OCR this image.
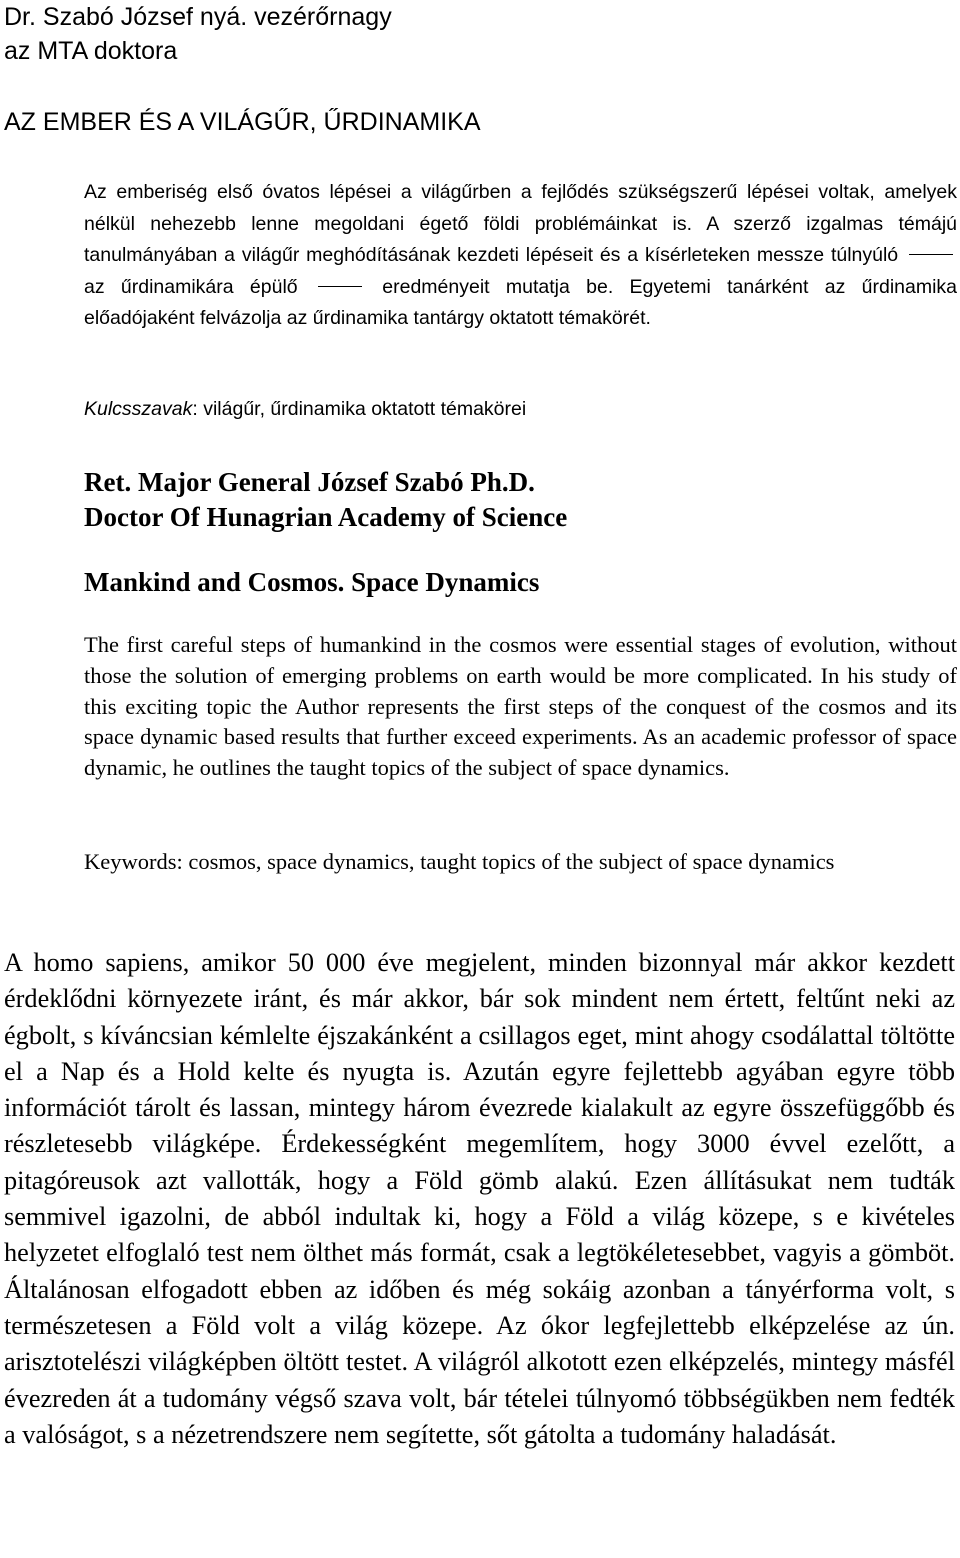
Dr. Szabó József nyá. vezérőrnagy
az MTA doktora
AZ EMBER ÉS A VILÁGŰR, ŰRDINAMIKA

Az emberiség első óvatos lépései a világűrben a fejlődés szükségszerű lépései voltak, amelyek nélkül nehezebb lenne megoldani égető földi problémáinkat is. A szerző izgalmas témájú tanulmányában a világűr meghódításának kezdeti lépéseit és a kísérleteken messze túlnyúló  az űrdinamikára épülő	eredményeit mutatja be. Egyetemi tanárként az űrdinamika előadójaként felvázolja az űrdinamika tantárgy oktatott témakörét.

Kulcsszavak: világűr, űrdinamika oktatott témakörei
Ret. Major General József Szabó Ph.D.
Doctor Of Hunagrian Academy of Science
Mankind and Cosmos. Space Dynamics

The first careful steps of humankind in the cosmos were essential stages of evolution, without those the solution of emerging problems on earth would be more complicated. In his study of this exciting topic the Author represents the first steps of the conquest of the cosmos and its space dynamic based results that further exceed experiments. As an academic professor of space dynamic, he outlines the taught topics of the subject of space dynamics.

Keywords: cosmos, space dynamics, taught topics of the subject of space dynamics

A homo sapiens, amikor 50 000 éve megjelent, minden bizonnyal már akkor kezdett érdeklődni környezete iránt, és már akkor, bár sok mindent nem értett, feltűnt neki az égbolt, s kíváncsian kémlelte éjszakánként a csillagos eget, mint ahogy csodálattal töltötte el a Nap és a Hold kelte és nyugta is. Azután egyre fejlettebb agyában egyre több információt tárolt és lassan, mintegy három évezrede kialakult az egyre összefüggőbb és részletesebb világképe. Érdekességként megemlítem, hogy 3000 évvel ezelőtt, a pitagóreusok azt vallották, hogy a Föld gömb alakú. Ezen állításukat nem tudták semmivel igazolni, de abból indultak ki, hogy a Föld a világ közepe, s e kivételes helyzetet elfoglaló test nem ölthet más formát, csak a legtökéletesebbet, vagyis a gömböt. Általánosan elfogadott ebben az időben és még sokáig azonban a tányérforma volt, s természetesen a Föld volt a világ közepe. Az ókor legfejlettebb elképzelése az ún. arisztotelészi világképben öltött testet. A világról alkotott ezen elképzelés, mintegy másfél évezreden át a tudomány végső szava volt, bár tételei túlnyomó többségükben nem fedték a valóságot, s a nézetrendszere nem segítette, sőt gátolta a tudomány haladását.
